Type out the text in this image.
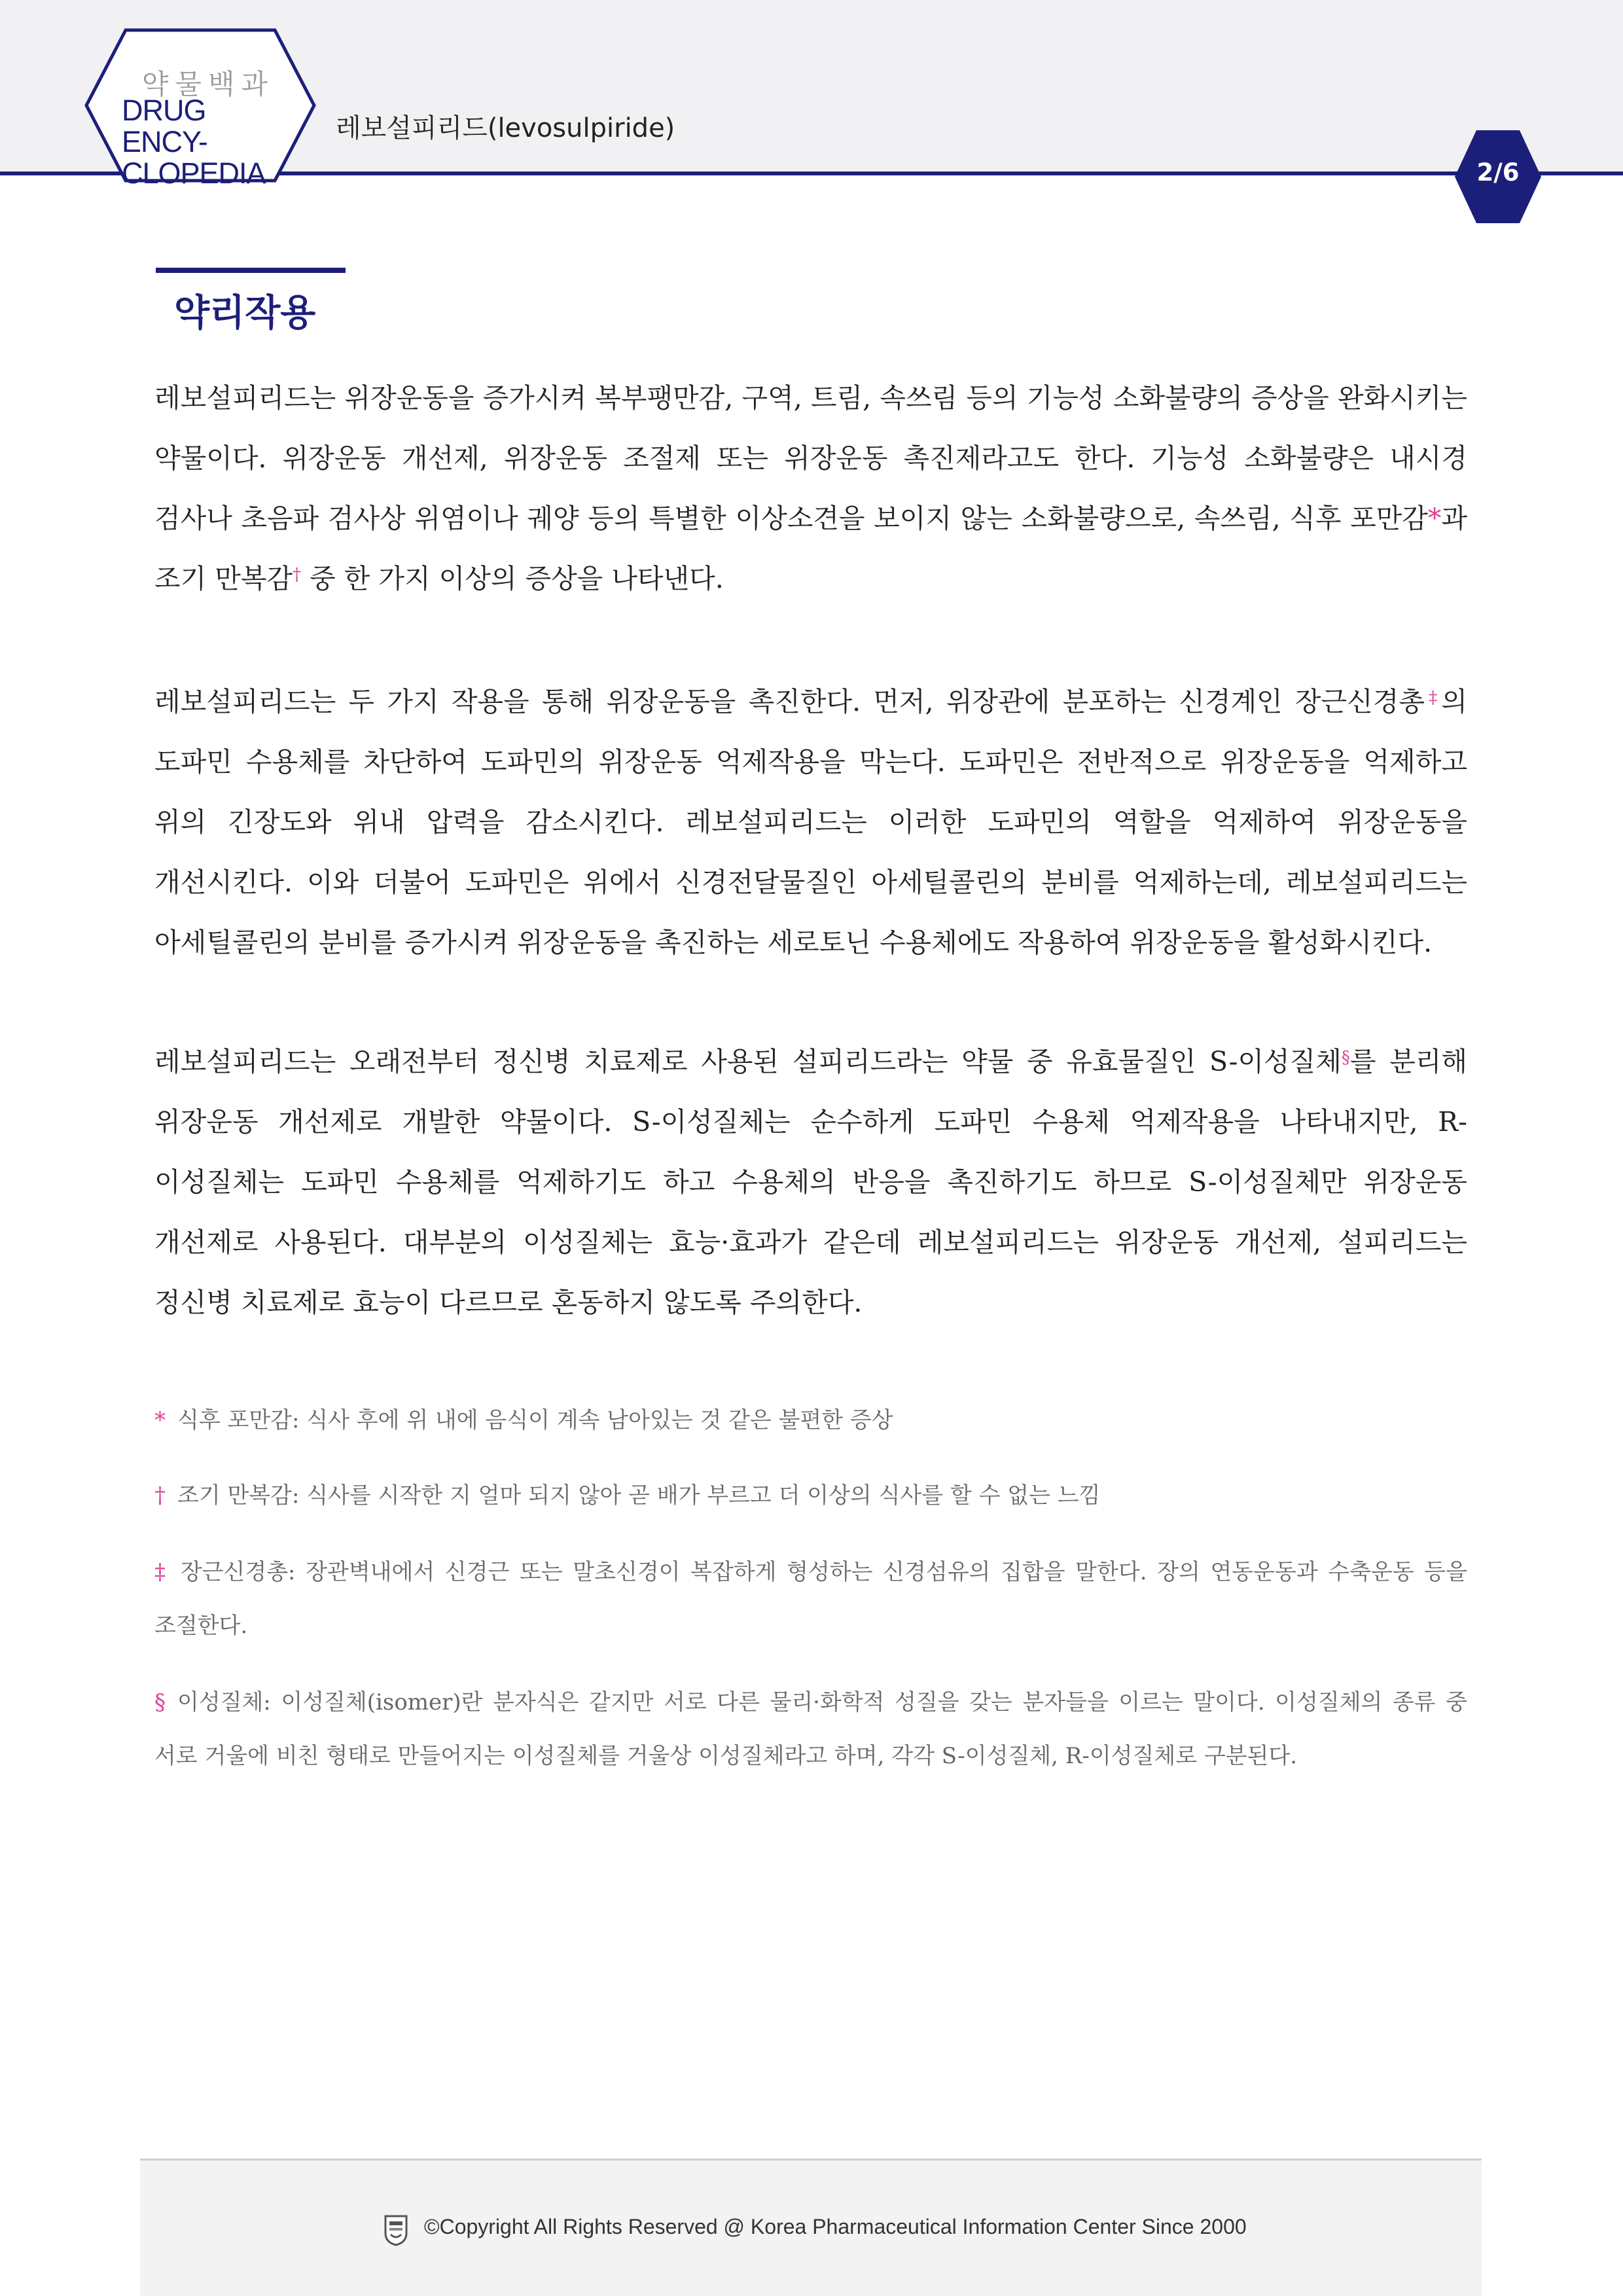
약물백과
DRUG ENCY-
CLOPEDIA
레보설피리드(levosulpiride)
2/6
약리작용

레보설피리드는 위장운동을 증가시켜 복부팽만감, 구역, 트림, 속쓰림 등의 기능성 소화불량의 증상을 완화시키는 약물이다. 위장운동 개선제, 위장운동 조절제 또는 위장운동 촉진제라고도 한다. 기능성 소화불량은 내시경 검사나 초음파 검사상 위염이나 궤양 등의 특별한 이상소견을 보이지 않는 소화불량으로, 속쓰림, 식후 포만감*과 조기 만복감† 중 한 가지 이상의 증상을 나타낸다.

레보설피리드는 두 가지 작용을 통해 위장운동을 촉진한다. 먼저, 위장관에 분포하는 신경계인 장근신경총‡의 도파민 수용체를 차단하여 도파민의 위장운동 억제작용을 막는다. 도파민은 전반적으로 위장운동을 억제하고 위의 긴장도와 위내 압력을 감소시킨다. 레보설피리드는 이러한 도파민의 역할을 억제하여 위장운동을 개선시킨다. 이와 더불어 도파민은 위에서 신경전달물질인 아세틸콜린의 분비를 억제하는데, 레보설피리드는 아세틸콜린의 분비를 증가시켜 위장운동을 촉진하는 세로토닌 수용체에도 작용하여 위장운동을 활성화시킨다.

레보설피리드는 오래전부터 정신병 치료제로 사용된 설피리드라는 약물 중 유효물질인 S-이성질체§를 분리해 위장운동 개선제로 개발한 약물이다. S-이성질체는 순수하게 도파민 수용체 억제작용을 나타내지만, R-이성질체는 도파민 수용체를 억제하기도 하고 수용체의 반응을 촉진하기도 하므로 S-이성질체만 위장운동 개선제로 사용된다. 대부분의 이성질체는 효능·효과가 같은데 레보설피리드는 위장운동 개선제, 설피리드는 정신병 치료제로 효능이 다르므로 혼동하지 않도록 주의한다.

* 식후 포만감: 식사 후에 위 내에 음식이 계속 남아있는 것 같은 불편한 증상

† 조기 만복감: 식사를 시작한 지 얼마 되지 않아 곧 배가 부르고 더 이상의 식사를 할 수 없는 느낌

‡ 장근신경총: 장관벽내에서 신경근 또는 말초신경이 복잡하게 형성하는 신경섬유의 집합을 말한다. 장의 연동운동과 수축운동 등을 조절한다.

§ 이성질체: 이성질체(isomer)란 분자식은 같지만 서로 다른 물리·화학적 성질을 갖는 분자들을 이르는 말이다. 이성질체의 종류 중 서로 거울에 비친 형태로 만들어지는 이성질체를 거울상 이성질체라고 하며, 각각 S-이성질체, R-이성질체로 구분된다.

©Copyright All Rights Reserved @ Korea Pharmaceutical Information Center Since 2000
